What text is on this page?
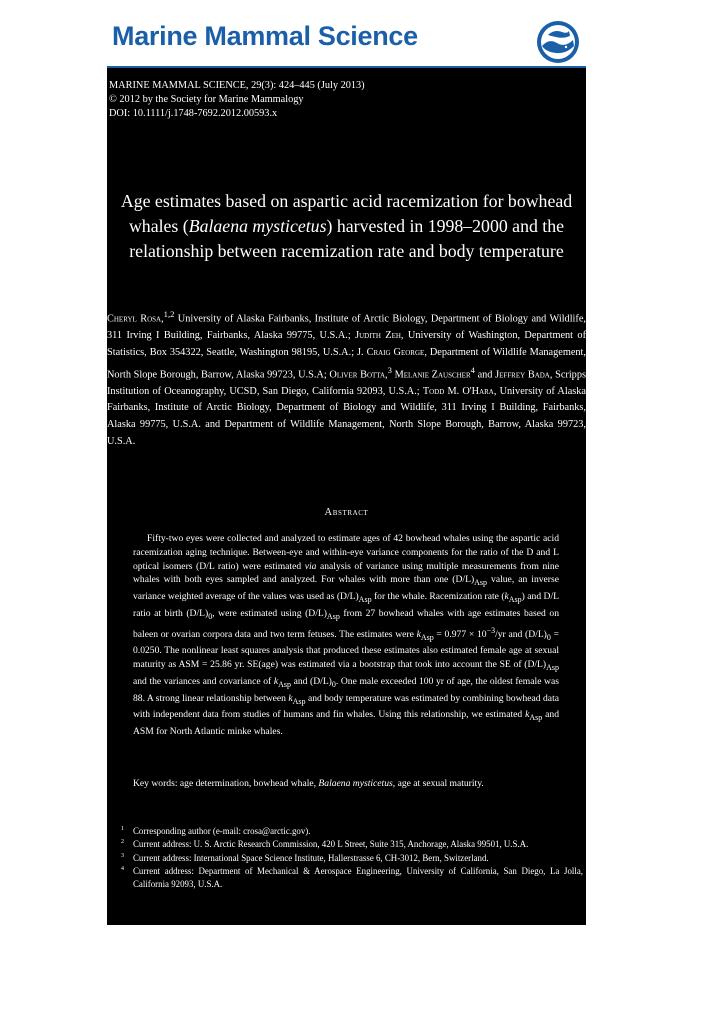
Marine Mammal Science
MARINE MAMMAL SCIENCE, 29(3): 424–445 (July 2013)
© 2012 by the Society for Marine Mammalogy
DOI: 10.1111/j.1748-7692.2012.00593.x
Age estimates based on aspartic acid racemization for bowhead whales (Balaena mysticetus) harvested in 1998–2000 and the relationship between racemization rate and body temperature
Cheryl Rosa,$^{1,2}$ University of Alaska Fairbanks, Institute of Arctic Biology, Department of Biology and Wildlife, 311 Irving I Building, Fairbanks, Alaska 99775, U.S.A.; Judith Zeh, University of Washington, Department of Statistics, Box 354322, Seattle, Washington 98195, U.S.A.; J. Craig George, Department of Wildlife Management, North Slope Borough, Barrow, Alaska 99723, U.S.A; Oliver Botta,$^3$ Melanie Zauscher$^4$ and Jeffrey Bada, Scripps Institution of Oceanography, UCSD, San Diego, California 92093, U.S.A.; Todd M. O'Hara, University of Alaska Fairbanks, Institute of Arctic Biology, Department of Biology and Wildlife, 311 Irving I Building, Fairbanks, Alaska 99775, U.S.A. and Department of Wildlife Management, North Slope Borough, Barrow, Alaska 99723, U.S.A.
Abstract

Fifty-two eyes were collected and analyzed to estimate ages of 42 bowhead whales using the aspartic acid racemization aging technique. Between-eye and within-eye variance components for the ratio of the D and L optical isomers (D/L ratio) were estimated via analysis of variance using multiple measurements from nine whales with both eyes sampled and analyzed. For whales with more than one $(D/L)_{Asp}$ value, an inverse variance weighted average of the values was used as $(D/L)_{Asp}$ for the whale. Racemization rate $(k_{Asp})$ and D/L ratio at birth $(D/L)_0$, were estimated using $(D/L)_{Asp}$ from 27 bowhead whales with age estimates based on baleen or ovarian corpora data and two term fetuses. The estimates were $k_{Asp} = 0.977 \times 10^{-3}/yr$ and $(D/L)_0 = 0.0250$. The nonlinear least squares analysis that produced these estimates also estimated female age at sexual maturity as ASM = 25.86 yr. SE(age) was estimated via a bootstrap that took into account the SE of $(D/L)_{Asp}$ and the variances and covariance of $k_{Asp}$ and $(D/L)_0$. One male exceeded 100 yr of age, the oldest female was 88. A strong linear relationship between $k_{Asp}$ and body temperature was estimated by combining bowhead data with independent data from studies of humans and fin whales. Using this relationship, we estimated $k_{Asp}$ and ASM for North Atlantic minke whales.

Key words: age determination, bowhead whale, Balaena mysticetus, age at sexual maturity.

1 Corresponding author (e-mail: crosa@arctic.gov).
2 Current address: U. S. Arctic Research Commission, 420 L Street, Suite 315, Anchorage, Alaska 99501, U.S.A.
3 Current address: International Space Science Institute, Hallerstrasse 6, CH-3012, Bern, Switzerland.
4 Current address: Department of Mechanical & Aerospace Engineering, University of California, San Diego, La Jolla, California 92093, U.S.A.
424
